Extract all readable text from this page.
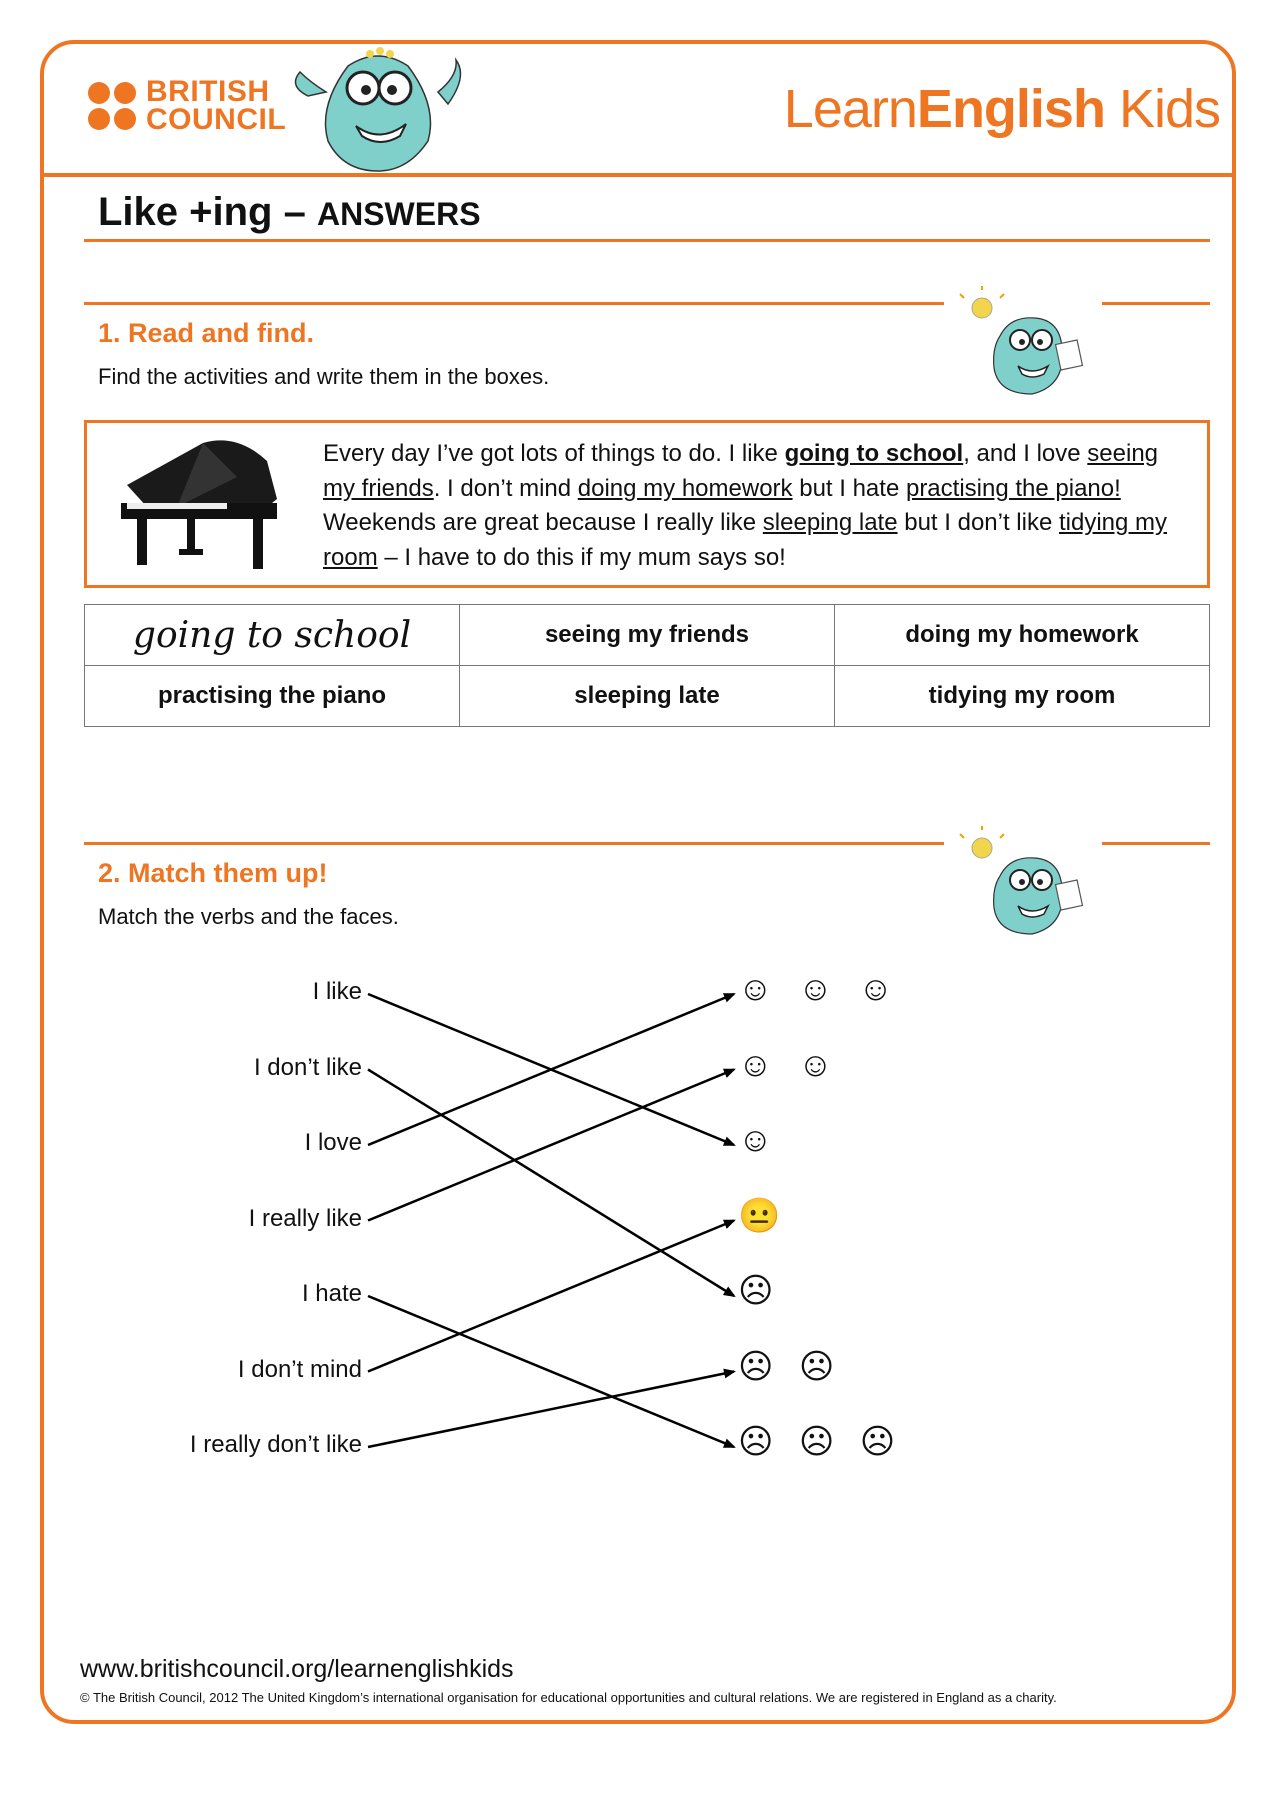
BRITISH
COUNCIL	LearnEnglish Kids
Like +ing – ANSWERS
1. Read and find.
Find the activities and write them in the boxes.
Every day I’ve got lots of things to do. I like going to school, and I love seeing my friends. I don’t mind doing my homework but I hate practising the piano! Weekends are great because I really like sleeping late but I don’t like tidying my room – I have to do this if my mum says so!
going to school	seeing my friends	doing my homework
practising the piano	sleeping late	tidying my room
2. Match them up!
Match the verbs and the faces.
I like
I don’t like
I love
I really like
I hate
I don’t mind
I really don’t like
☺ ☺ ☺
☺ ☺
☺
😐
☹
☹ ☹
☹ ☹ ☹
www.britishcouncil.org/learnenglishkids
© The British Council, 2012 The United Kingdom’s international organisation for educational opportunities and cultural relations. We are registered in England as a charity.
